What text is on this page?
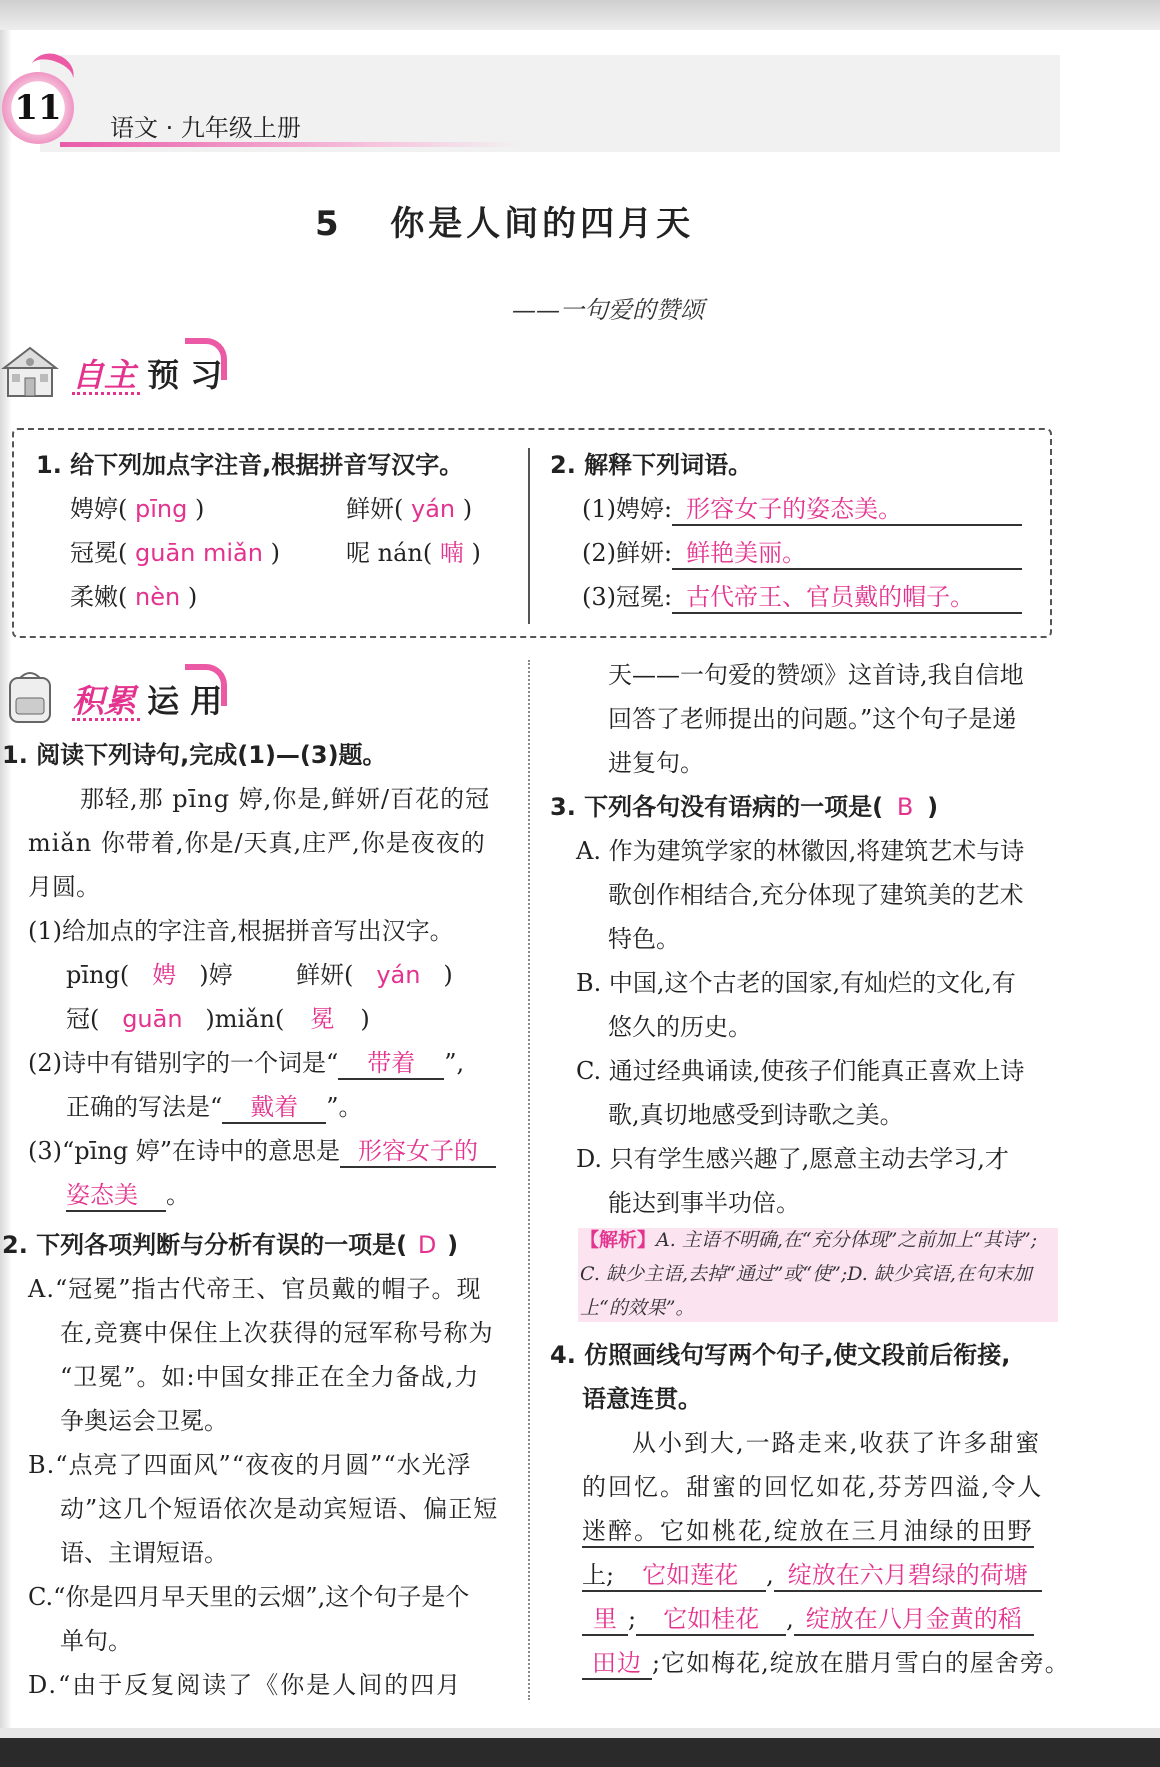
11	语文 · 九年级上册
5 你是人间的四月天
——一句爱的赞颂
自主 预 习
1. 给下列加点字注音,根据拼音写汉字。
娉婷( pīng )	鲜妍( yán )
冠冕( guān miǎn )	呢 nán( 喃 )
柔嫩( nèn )
2. 解释下列词语。
(1)娉婷: 形容女子的姿态美。
(2)鲜妍: 鲜艳美丽。
(3)冠冕: 古代帝王、官员戴的帽子。
积累 运 用
1. 阅读下列诗句,完成(1)—(3)题。
那轻,那 pīng 婷,你是,鲜妍/百花的冠
miǎn 你带着,你是/天真,庄严,你是夜夜的
月圆。
(1)给加点的字注音,根据拼音写出汉字。
pīng( 娉 )婷	鲜妍( yán )
冠( guān )miǎn( 冕 )
(2)诗中有错别字的一个词是“ 带着 ”,
正确的写法是“ 戴着 ”。
(3)“pīng 婷”在诗中的意思是 形容女子的
姿态美 。
2. 下列各项判断与分析有误的一项是( D )
A.“冠冕”指古代帝王、官员戴的帽子。现
在,竞赛中保住上次获得的冠军称号称为
“卫冕”。如:中国女排正在全力备战,力
争奥运会卫冕。
B.“点亮了四面风”“夜夜的月圆”“水光浮
动”这几个短语依次是动宾短语、偏正短
语、主谓短语。
C.“你是四月早天里的云烟”,这个句子是个
单句。
D.“由于反复阅读了《你是人间的四月
天——一句爱的赞颂》这首诗,我自信地
回答了老师提出的问题。”这个句子是递
进复句。
3. 下列各句没有语病的一项是( B )
A. 作为建筑学家的林徽因,将建筑艺术与诗
歌创作相结合,充分体现了建筑美的艺术
特色。
B. 中国,这个古老的国家,有灿烂的文化,有
悠久的历史。
C. 通过经典诵读,使孩子们能真正喜欢上诗
歌,真切地感受到诗歌之美。
D. 只有学生感兴趣了,愿意主动去学习,才
能达到事半功倍。
【解析】A. 主语不明确,在“充分体现”之前加上“其诗”;
C. 缺少主语,去掉“通过”或“使”;D. 缺少宾语,在句末加
上“的效果”。
4. 仿照画线句写两个句子,使文段前后衔接,
语意连贯。
从小到大,一路走来,收获了许多甜蜜
的回忆。甜蜜的回忆如花,芬芳四溢,令人
迷醉。它如桃花,绽放在三月油绿的田野
上; 它如莲花 , 绽放在六月碧绿的荷塘
里 ; 它如桂花 , 绽放在八月金黄的稻
田边 ;它如梅花,绽放在腊月雪白的屋舍旁。
